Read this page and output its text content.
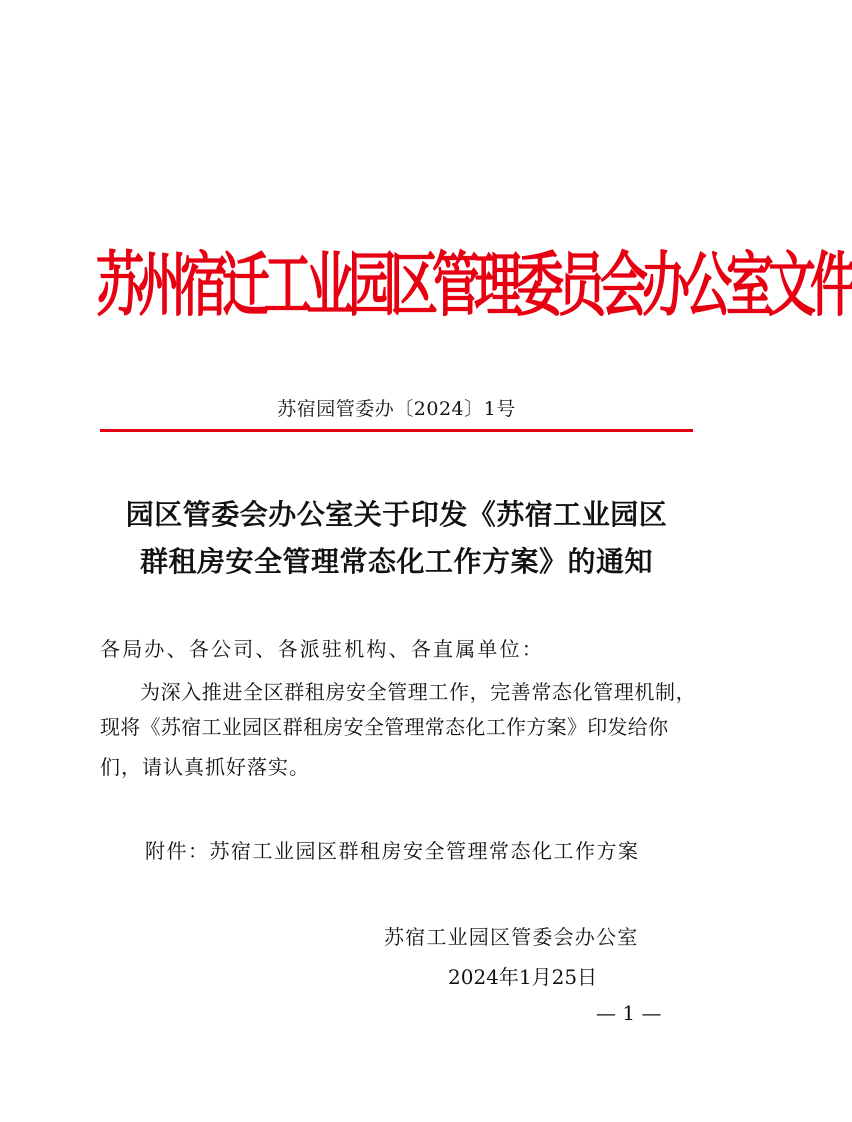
苏州宿迁工业园区管理委员会办公室文件
苏宿园管委办〔2024〕1号
园区管委会办公室关于印发《苏宿工业园区
群租房安全管理常态化工作方案》的通知
各局办、各公司、各派驻机构、各直属单位：
为深入推进全区群租房安全管理工作，完善常态化管理机制，
现将《苏宿工业园区群租房安全管理常态化工作方案》印发给你
们，请认真抓好落实。
附件：苏宿工业园区群租房安全管理常态化工作方案
苏宿工业园区管委会办公室
2024年1月25日
— 1 —
